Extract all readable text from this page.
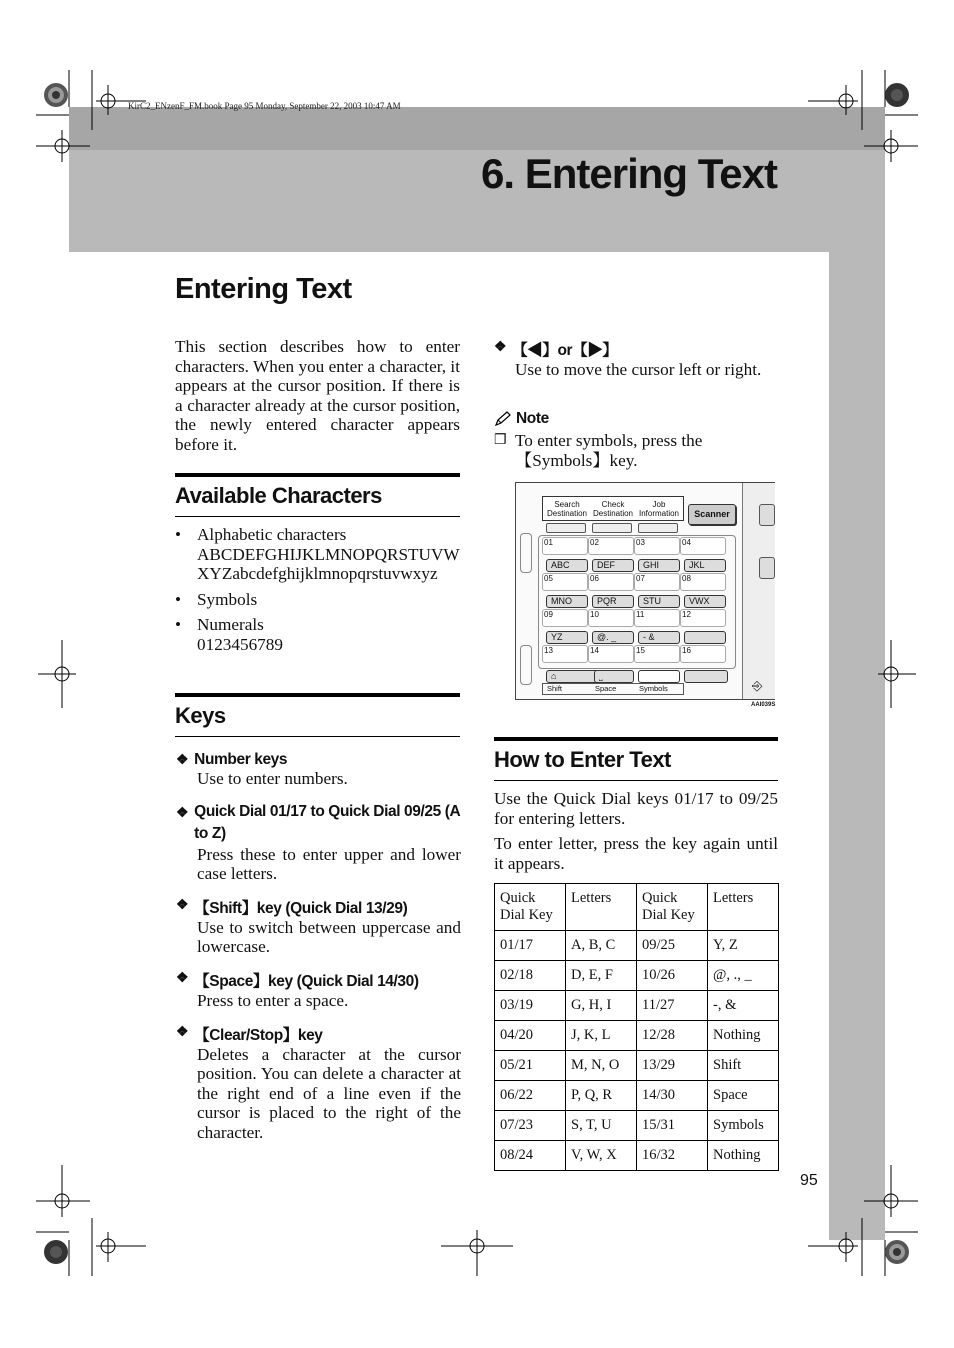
KirC2_ENzenF_FM.book Page 95 Monday, September 22, 2003 10:47 AM
6. Entering Text
Entering Text
This section describes how to enter characters. When you enter a character, it appears at the cursor position. If there is a character already at the cursor position, the newly entered character appears before it.
Available Characters
• Alphabetic characters
ABCDEFGHIJKLMNOPQRSTUVWXYZabcdefghijklmnopqrstuvwxyz
• Symbols
• Numerals
0123456789
Keys
❖ Number keys
Use to enter numbers.
❖ Quick Dial 01/17 to Quick Dial 09/25 (A to Z)
Press these to enter upper and lower case letters.
❖ 【Shift】key (Quick Dial 13/29)
Use to switch between uppercase and lowercase.
❖ 【Space】key (Quick Dial 14/30)
Press to enter a space.
❖ 【Clear/Stop】key
Deletes a character at the cursor position. You can delete a character at the right end of a line even if the cursor is placed to the right of the character.
❖ 【◀】or【▶】
Use to move the cursor left or right.
Note
❒ To enter symbols, press the 【Symbols】key.
Search Destination
Check Destination
Job Information	Scanner
01
ABC
02
DEF
03
GHI
04
JKL
05
MNO
06
PQR
07
STU
08
VWX
09
YZ
10
@. _
11
- &
12
13	14	15	16
⌂	⎵
Shift	Space	Symbols	⎆
AAI039S
How to Enter Text
Use the Quick Dial keys 01/17 to 09/25 for entering letters.
To enter letter, press the key again until it appears.
Quick Dial Key	Letters	Quick Dial Key	Letters
01/17	A, B, C	09/25	Y, Z
02/18	D, E, F	10/26	@, ., _
03/19	G, H, I	11/27	-, &
04/20	J, K, L	12/28	Nothing
05/21	M, N, O	13/29	Shift
06/22	P, Q, R	14/30	Space
07/23	S, T, U	15/31	Symbols
08/24	V, W, X	16/32	Nothing
95
